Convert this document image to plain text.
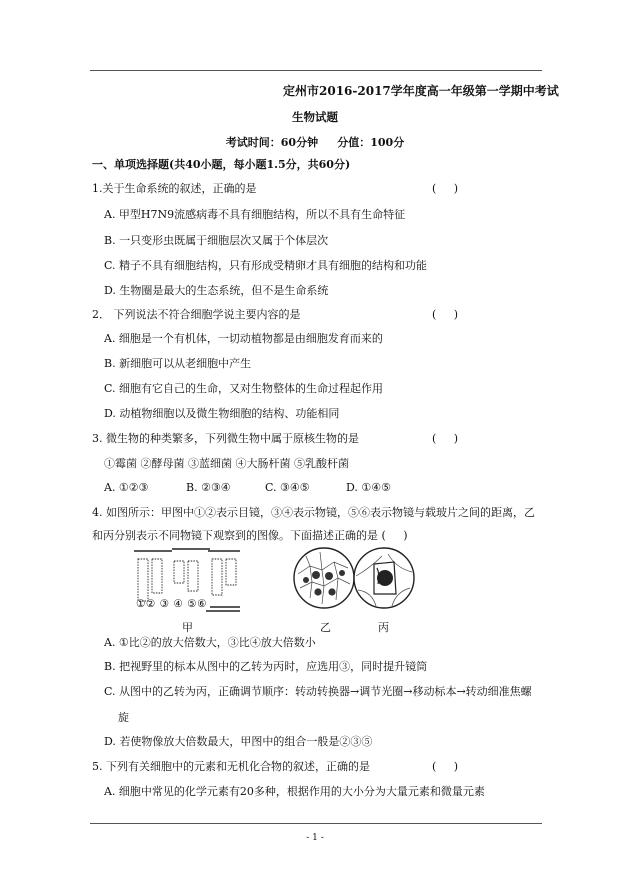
定州市2016-2017学年度高一年级第一学期中考试
生物试题
考试时间：60分钟     分值：100分
一、单项选择题(共40小题，每小题1.5分，共60分)
1.关于生命系统的叙述，正确的是	(     )
A. 甲型H7N9流感病毒不具有细胞结构，所以不具有生命特征
B. 一只变形虫既属于细胞层次又属于个体层次
C. 精子不具有细胞结构，只有形成受精卵才具有细胞的结构和功能
D. 生物圈是最大的生态系统，但不是生命系统
2． 下列说法不符合细胞学说主要内容的是	(     )
A. 细胞是一个有机体，一切动植物都是由细胞发育而来的
B. 新细胞可以从老细胞中产生
C. 细胞有它自己的生命，又对生物整体的生命过程起作用
D. 动植物细胞以及微生物细胞的结构、功能相同
3. 微生物的种类繁多，下列微生物中属于原核生物的是	(     )
①霉菌 ②酵母菌 ③蓝细菌 ④大肠杆菌 ⑤乳酸杆菌
A. ①②③	B. ②③④	C. ③④⑤	D. ①④⑤
4. 如图所示：甲图中①②表示目镜，③④表示物镜，⑤⑥表示物镜与载玻片之间的距离，乙
和丙分别表示不同物镜下观察到的图像。下面描述正确的是 (     )
①② ③ ④ ⑤⑥
甲	乙	丙
A. ①比②的放大倍数大，③比④放大倍数小
B. 把视野里的标本从图中的乙转为丙时，应选用③，同时提升镜筒
C. 从图中的乙转为丙，正确调节顺序：转动转换器→调节光圈→移动标本→转动细准焦螺
旋
D. 若使物像放大倍数最大，甲图中的组合一般是②③⑤
5. 下列有关细胞中的元素和无机化合物的叙述，正确的是	(     )
A. 细胞中常见的化学元素有20多种，根据作用的大小分为大量元素和微量元素
- 1 -
